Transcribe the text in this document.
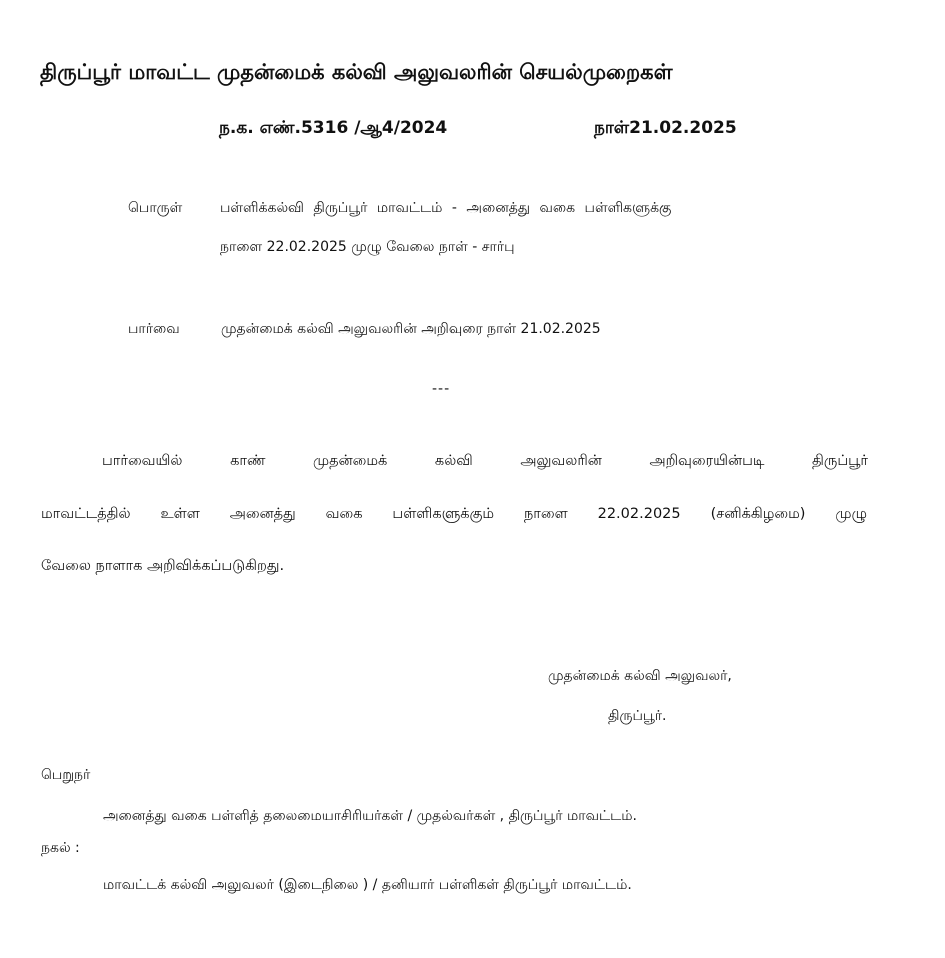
திருப்பூர் மாவட்ட முதன்மைக் கல்வி அலுவலரின் செயல்முறைகள்
ந.க. எண்.5316 /ஆ4/2024	நாள்21.02.2025
பொருள்	பள்ளிக்கல்வி திருப்பூர் மாவட்டம் - அனைத்து வகை பள்ளிகளுக்கு
நாளை 22.02.2025 முழு வேலை நாள் - சார்பு
பார்வை	முதன்மைக் கல்வி அலுவலரின் அறிவுரை நாள் 21.02.2025
---
பார்வையில் காண் முதன்மைக் கல்வி அலுவலரின் அறிவுரையின்படி திருப்பூர்
மாவட்டத்தில் உள்ள அனைத்து வகை பள்ளிகளுக்கும் நாளை 22.02.2025 (சனிக்கிழமை) முழு
வேலை நாளாக அறிவிக்கப்படுகிறது.
முதன்மைக் கல்வி அலுவலர்,
திருப்பூர்.
பெறுநர்
அனைத்து வகை பள்ளித் தலைமையாசிரியர்கள் / முதல்வர்கள் , திருப்பூர் மாவட்டம்.
நகல் :
மாவட்டக் கல்வி அலுவலர் (இடைநிலை ) / தனியார் பள்ளிகள் திருப்பூர் மாவட்டம்.
